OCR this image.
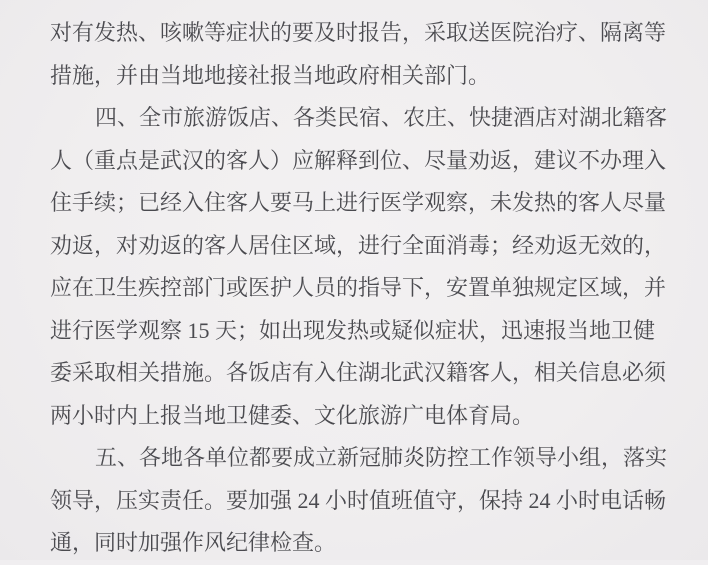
对有发热、咳嗽等症状的要及时报告，采取送医院治疗、隔离等
措施，并由当地地接社报当地政府相关部门。
四、全市旅游饭店、各类民宿、农庄、快捷酒店对湖北籍客
人（重点是武汉的客人）应解释到位、尽量劝返，建议不办理入
住手续；已经入住客人要马上进行医学观察，未发热的客人尽量
劝返，对劝返的客人居住区域，进行全面消毒；经劝返无效的，
应在卫生疾控部门或医护人员的指导下，安置单独规定区域，并
进行医学观察 15 天；如出现发热或疑似症状，迅速报当地卫健
委采取相关措施。各饭店有入住湖北武汉籍客人，相关信息必须
两小时内上报当地卫健委、文化旅游广电体育局。
五、各地各单位都要成立新冠肺炎防控工作领导小组，落实
领导，压实责任。要加强 24 小时值班值守，保持 24 小时电话畅
通，同时加强作风纪律检查。
